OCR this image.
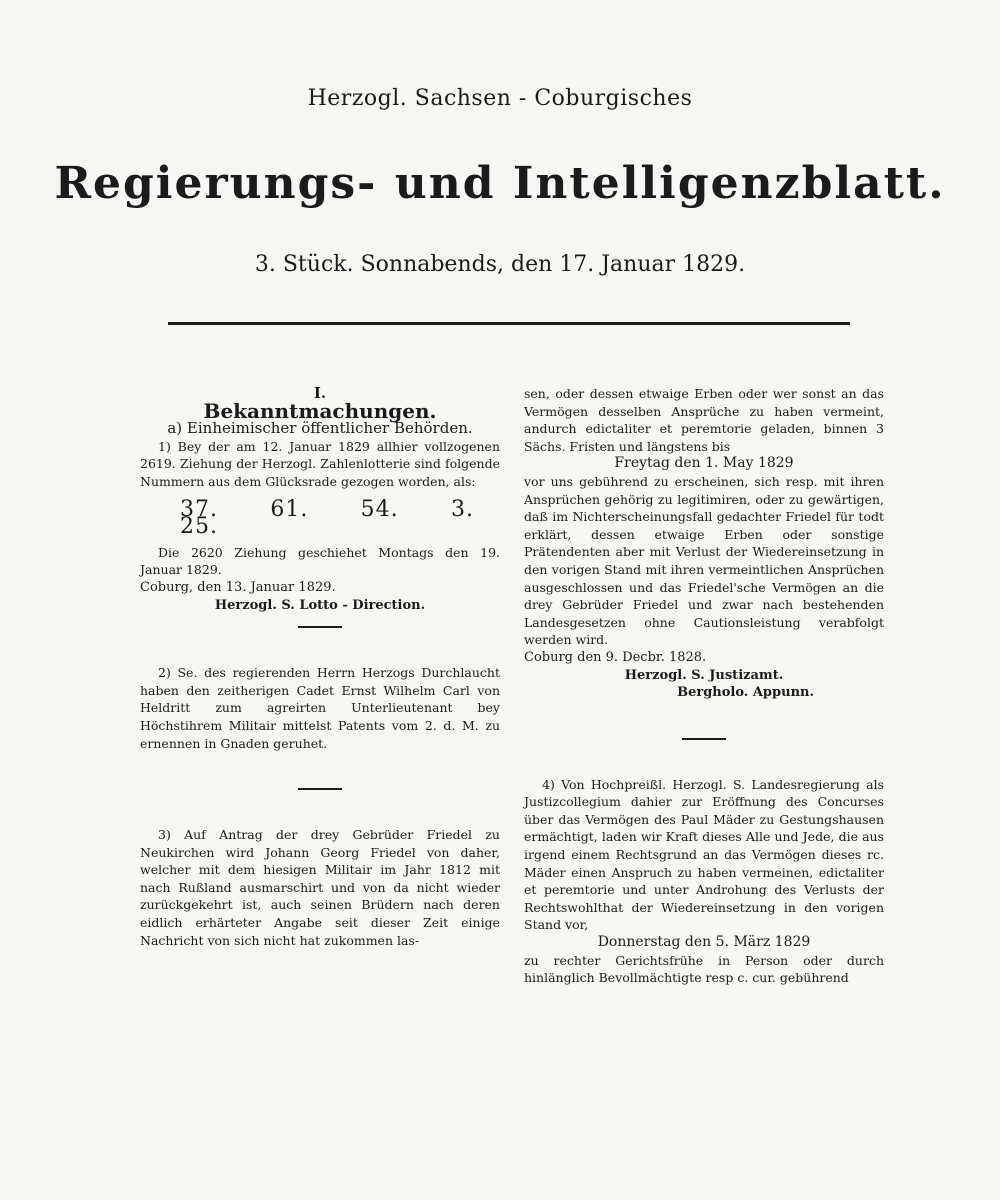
Herzogl. Sachsen - Coburgisches
Regierungs- und Intelligenzblatt.
3. Stück. Sonnabends, den 17. Januar 1829.

I.

Bekanntmachungen.

a) Einheimischer öffentlicher Behörden.

1) Bey der am 12. Januar 1829 allhier vollzogenen 2619. Ziehung der Herzogl. Zahlenlotterie sind folgende Nummern aus dem Glücksrade gezogen worden, als:

37. 61. 54. 3. 25.

Die 2620 Ziehung geschiehet Montags den 19. Januar 1829.

Coburg, den 13. Januar 1829.

Herzogl. S. Lotto - Direction.

2) Se. des regierenden Herrn Herzogs Durchlaucht haben den zeitherigen Cadet Ernst Wilhelm Carl von Heldritt zum agreirten Unterlieutenant bey Höchstihrem Militair mittelst Patents vom 2. d. M. zu ernennen in Gnaden geruhet.

3) Auf Antrag der drey Gebrüder Friedel zu Neukirchen wird Johann Georg Friedel von daher, welcher mit dem hiesigen Militair im Jahr 1812 mit nach Rußland ausmarschirt und von da nicht wieder zurückgekehrt ist, auch seinen Brüdern nach deren eidlich erhärteter Angabe seit dieser Zeit einige Nachricht von sich nicht hat zukommen las-

sen, oder dessen etwaige Erben oder wer sonst an das Vermögen desselben Ansprüche zu haben vermeint, andurch edictaliter et peremtorie geladen, binnen 3 Sächs. Fristen und längstens bis

Freytag den 1. May 1829

vor uns gebührend zu erscheinen, sich resp. mit ihren Ansprüchen gehörig zu legitimiren, oder zu gewärtigen, daß im Nichterscheinungsfall gedachter Friedel für todt erklärt, dessen etwaige Erben oder sonstige Prätendenten aber mit Verlust der Wiedereinsetzung in den vorigen Stand mit ihren vermeintlichen Ansprüchen ausgeschlossen und das Friedel'sche Vermögen an die drey Gebrüder Friedel und zwar nach bestehenden Landesgesetzen ohne Cautionsleistung verabfolgt werden wird.

Coburg den 9. Decbr. 1828.

Herzogl. S. Justizamt.

Bergholo. Appunn.

4) Von Hochpreißl. Herzogl. S. Landesregierung als Justizcollegium dahier zur Eröffnung des Concurses über das Vermögen des Paul Mäder zu Gestungshausen ermächtigt, laden wir Kraft dieses Alle und Jede, die aus irgend einem Rechtsgrund an das Vermögen dieses rc. Mäder einen Anspruch zu haben vermeinen, edictaliter et peremtorie und unter Androhung des Verlusts der Rechtswohlthat der Wiedereinsetzung in den vorigen Stand vor,

Donnerstag den 5. März 1829

zu rechter Gerichtsfrühe in Person oder durch hinlänglich Bevollmächtigte resp c. cur. gebührend
